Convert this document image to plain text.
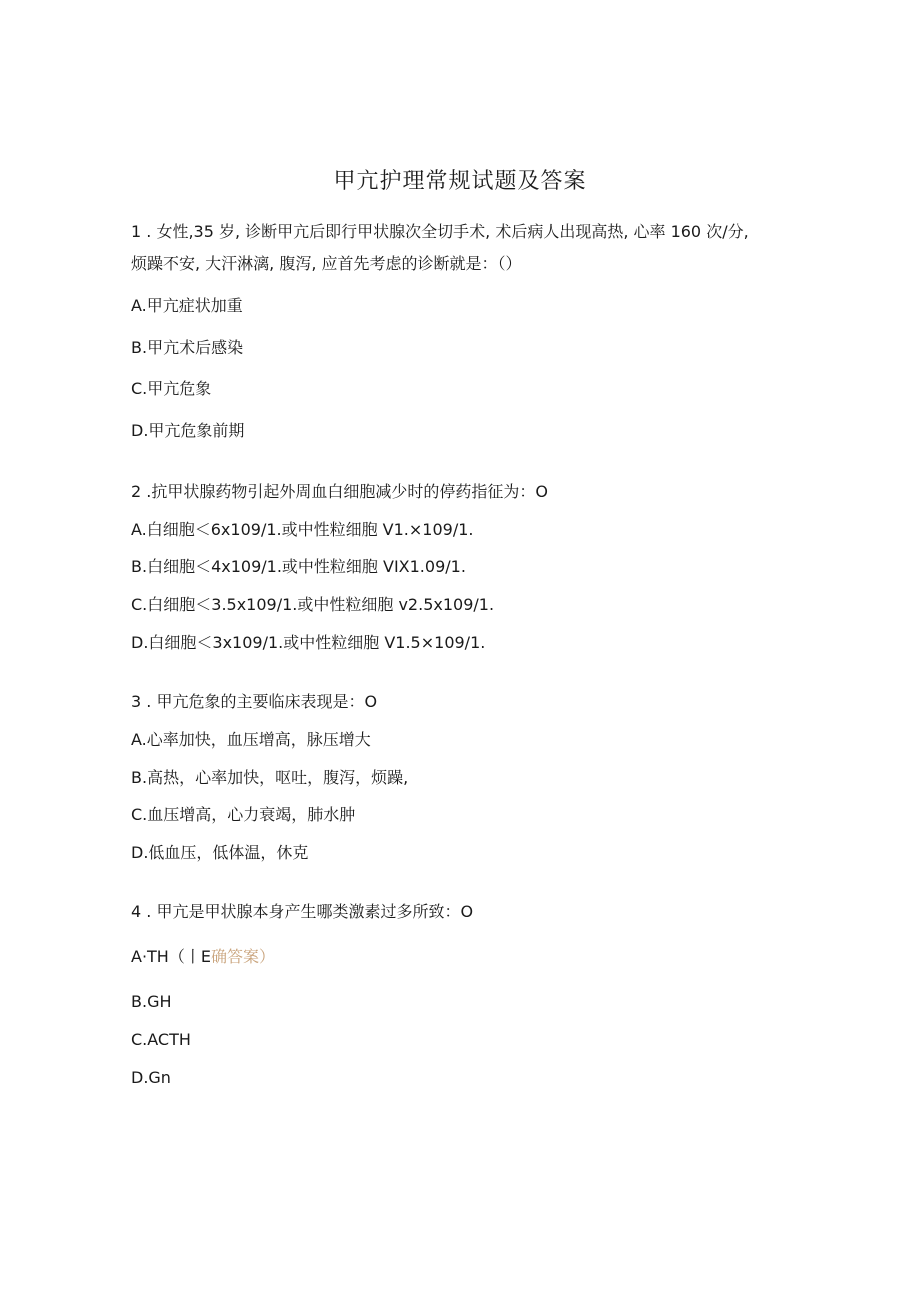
甲亢护理常规试题及答案
1 . 女性,35 岁, 诊断甲亢后即行甲状腺次全切手术, 术后病人出现高热, 心率 160 次/分,
烦躁不安, 大汗淋漓, 腹泻, 应首先考虑的诊断就是：（）
A.甲亢症状加重
B.甲亢术后感染
C.甲亢危象
D.甲亢危象前期
2 .抗甲状腺药物引起外周血白细胞减少时的停药指征为：O
A.白细胞＜6x109/1.或中性粒细胞 V1.×109/1.
B.白细胞＜4x109/1.或中性粒细胞 VIX1.09/1.
C.白细胞＜3.5x109/1.或中性粒细胞 v2.5x109/1.
D.白细胞＜3x109/1.或中性粒细胞 V1.5×109/1.
3 . 甲亢危象的主要临床表现是：O
A.心率加快，血压增高，脉压增大
B.高热，心率加快，呕吐，腹泻，烦躁,
C.血压增高，心力衰竭，肺水肿
D.低血压，低体温，休克
4 . 甲亢是甲状腺本身产生哪类激素过多所致：O
A·TH（丨E确答案）
B.GH
C.ACTH
D.Gn
